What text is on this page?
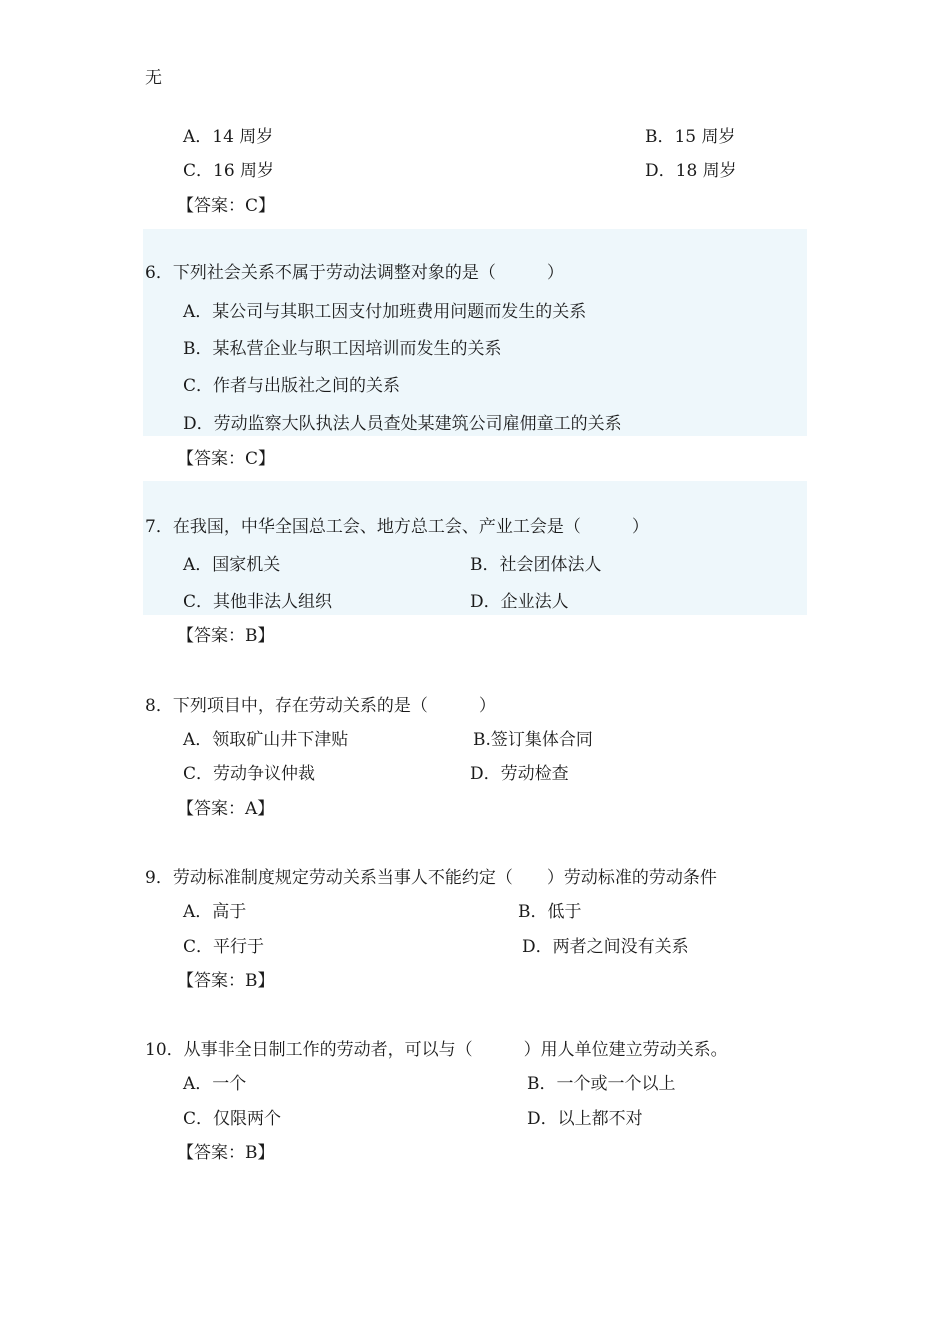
无
A．14 周岁	B．15 周岁
C．16 周岁	D．18 周岁
【答案：C】
6．下列社会关系不属于劳动法调整对象的是（　　　）
A．某公司与其职工因支付加班费用问题而发生的关系
B．某私营企业与职工因培训而发生的关系
C．作者与出版社之间的关系
D．劳动监察大队执法人员查处某建筑公司雇佣童工的关系
【答案：C】
7．在我国，中华全国总工会、地方总工会、产业工会是（　　　）
A．国家机关	B．社会团体法人
C．其他非法人组织	D．企业法人
【答案：B】
8．下列项目中，存在劳动关系的是（　　　）
A．领取矿山井下津贴	B.签订集体合同
C．劳动争议仲裁	D．劳动检查
【答案：A】
9．劳动标准制度规定劳动关系当事人不能约定（　　）劳动标准的劳动条件
A．高于	B．低于
C．平行于	D．两者之间没有关系
【答案：B】
10．从事非全日制工作的劳动者，可以与（　　　）用人单位建立劳动关系。
A．一个	B．一个或一个以上
C．仅限两个	D．以上都不对
【答案：B】
